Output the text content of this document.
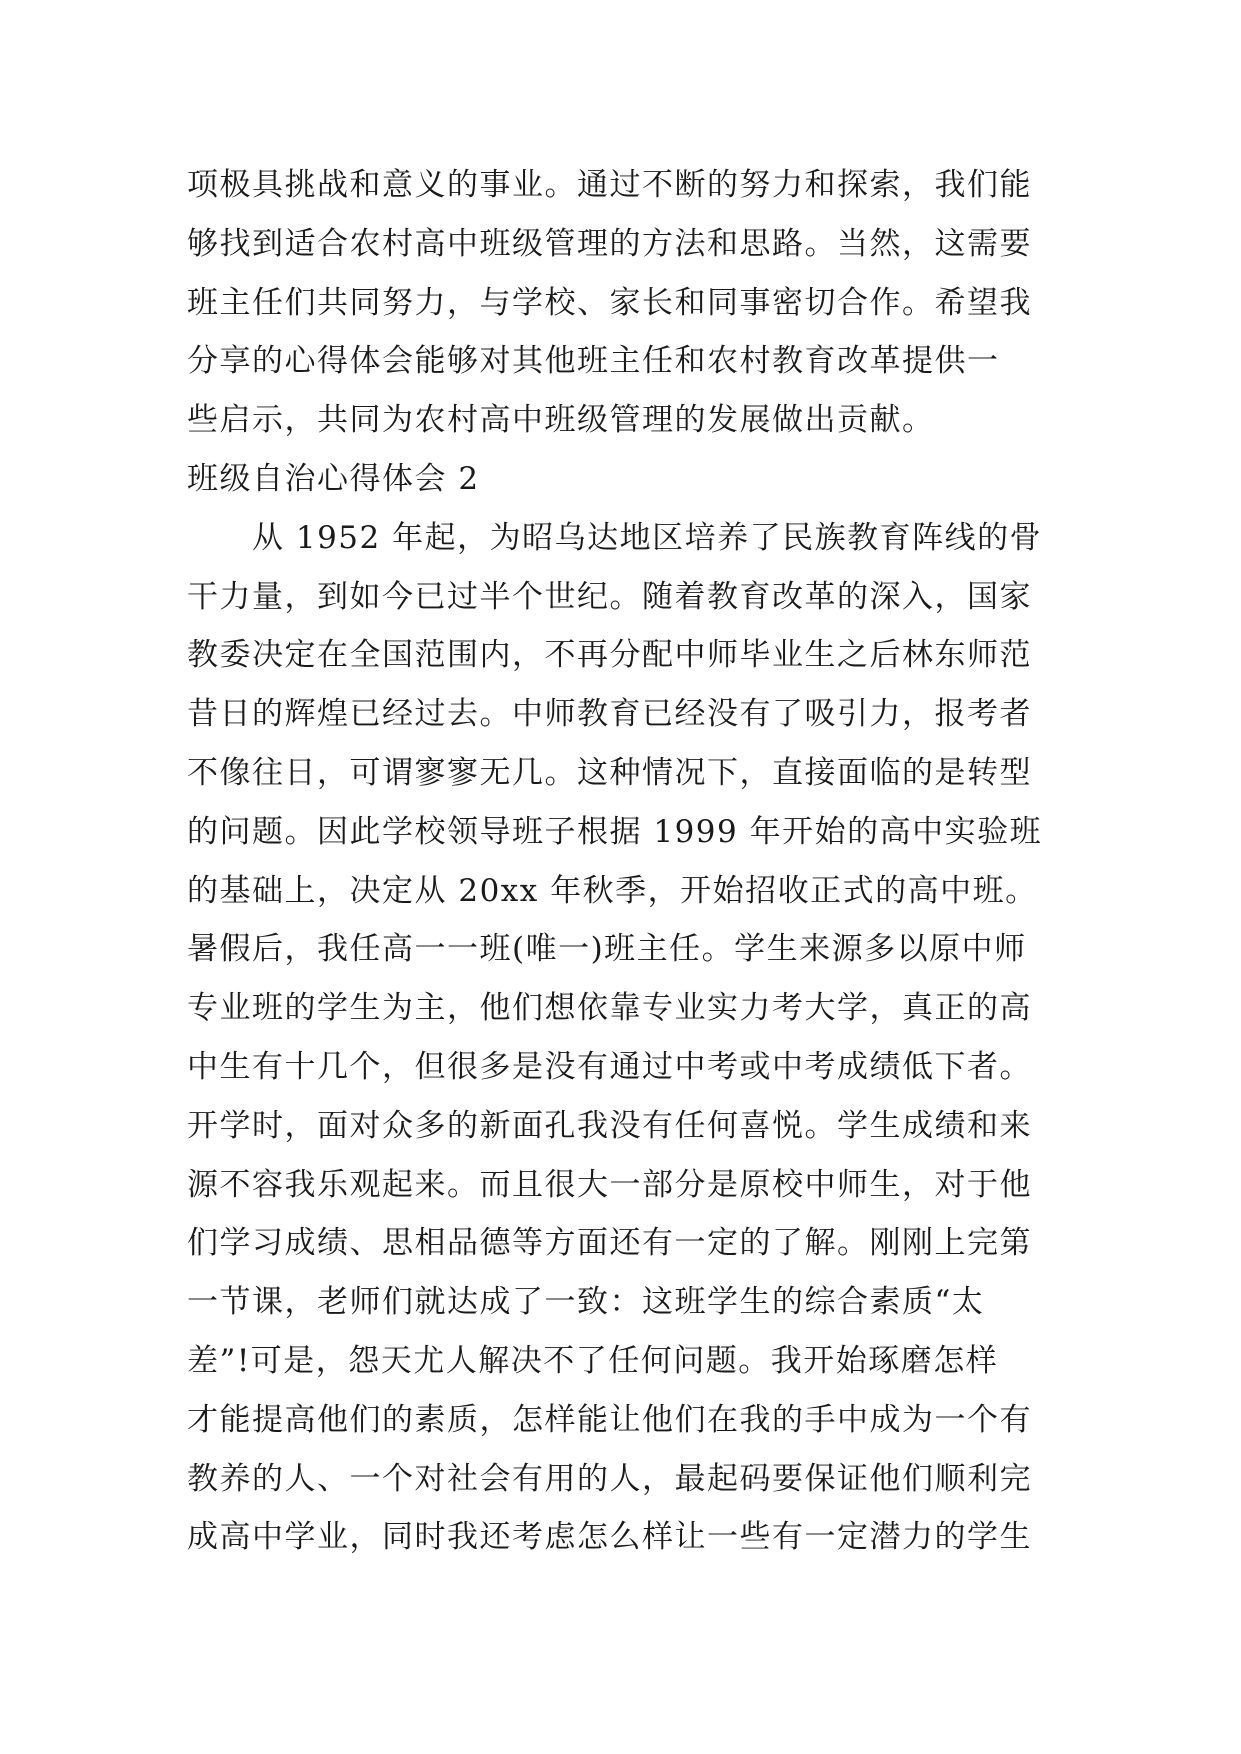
项极具挑战和意义的事业。通过不断的努力和探索，我们能
够找到适合农村高中班级管理的方法和思路。当然，这需要
班主任们共同努力，与学校、家长和同事密切合作。希望我
分享的心得体会能够对其他班主任和农村教育改革提供一
些启示，共同为农村高中班级管理的发展做出贡献。
班级自治心得体会 2
从 1952 年起，为昭乌达地区培养了民族教育阵线的骨
干力量，到如今已过半个世纪。随着教育改革的深入，国家
教委决定在全国范围内，不再分配中师毕业生之后林东师范
昔日的辉煌已经过去。中师教育已经没有了吸引力，报考者
不像往日，可谓寥寥无几。这种情况下，直接面临的是转型
的问题。因此学校领导班子根据 1999 年开始的高中实验班
的基础上，决定从 20xx 年秋季，开始招收正式的高中班。
暑假后，我任高一一班(唯一)班主任。学生来源多以原中师
专业班的学生为主，他们想依靠专业实力考大学，真正的高
中生有十几个，但很多是没有通过中考或中考成绩低下者。
开学时，面对众多的新面孔我没有任何喜悦。学生成绩和来
源不容我乐观起来。而且很大一部分是原校中师生，对于他
们学习成绩、思相品德等方面还有一定的了解。刚刚上完第
一节课，老师们就达成了一致：这班学生的综合素质“太
差”!可是，怨天尤人解决不了任何问题。我开始琢磨怎样
才能提高他们的素质，怎样能让他们在我的手中成为一个有
教养的人、一个对社会有用的人，最起码要保证他们顺利完
成高中学业，同时我还考虑怎么样让一些有一定潜力的学生
